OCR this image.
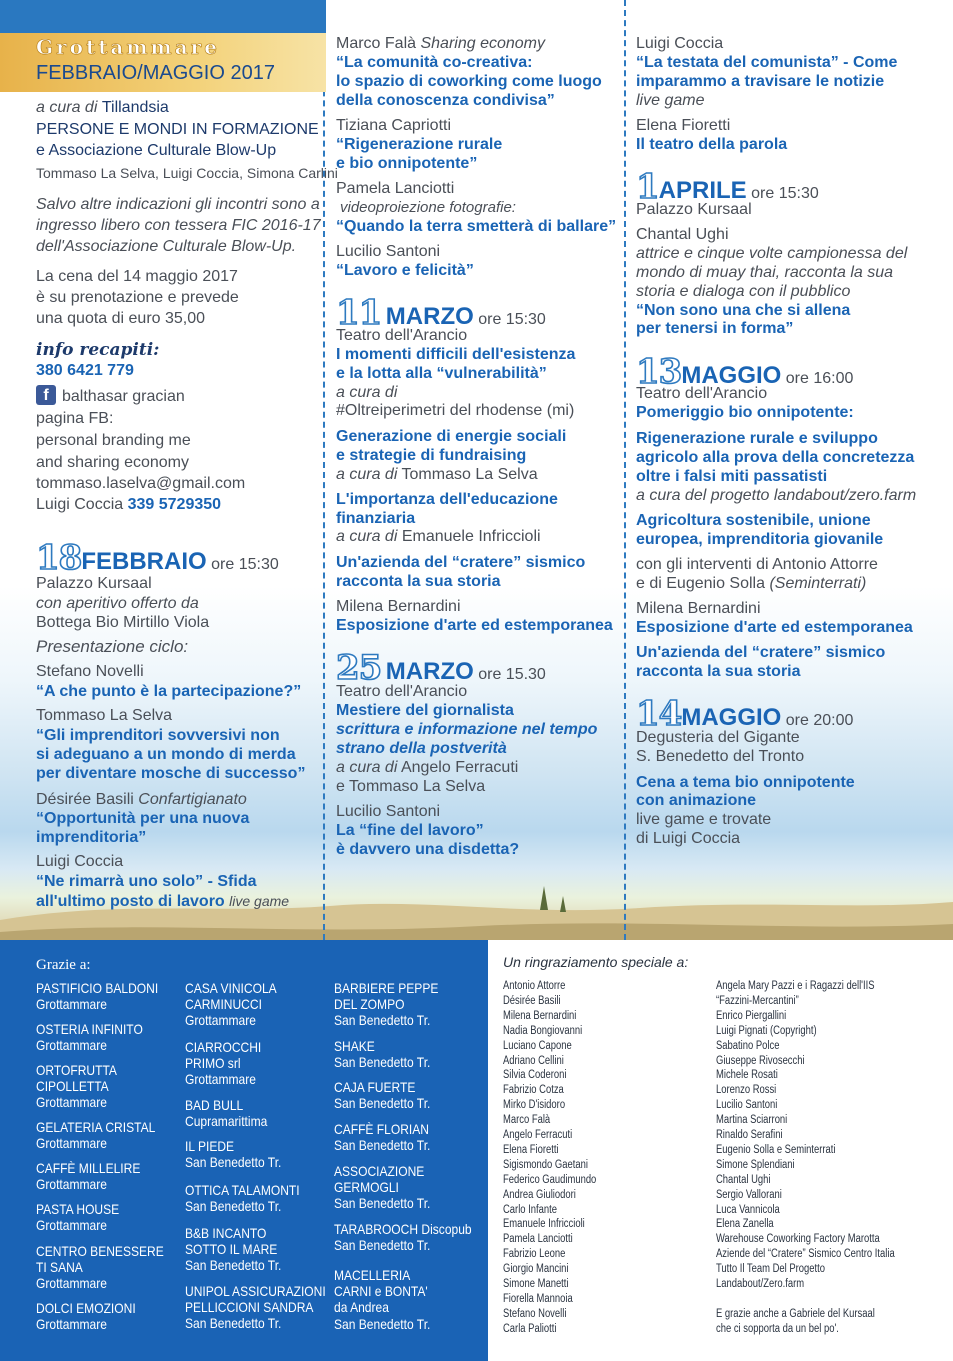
Grottammare
FEBBRAIO/MAGGIO 2017
a cura di Tillandsia
PERSONE E MONDI IN FORMAZIONE
e Associazione Culturale Blow-Up
Tommaso La Selva, Luigi Coccia, Simona Carlini
Salvo altre indicazioni gli incontri sono a
ingresso libero con tessera FIC 2016-17
dell'Associazione Culturale Blow-Up.
La cena del 14 maggio 2017
è su prenotazione e prevede
una quota di euro 35,00
info recapiti:
380 6421 779
f balthasar gracian
pagina FB:
personal branding me
and sharing economy
tommaso.laselva@gmail.com
Luigi Coccia 339 5729350
18FEBBRAIO ore 15:30
Palazzo Kursaal
con aperitivo offerto da
Bottega Bio Mirtillo Viola
Presentazione ciclo:
Stefano Novelli
“A che punto è la partecipazione?”
Tommaso La Selva
“Gli imprenditori sovversivi non
si adeguano a un mondo di merda
per diventare mosche di successo”
Désirée Basili Confartigianato
“Opportunità per una nuova
imprenditoria”
Luigi Coccia
“Ne rimarrà uno solo” - Sfida
all'ultimo posto di lavoro live game
Marco Falà Sharing economy
“La comunità co-creativa:
lo spazio di coworking come luogo
della conoscenza condivisa”
Tiziana Capriotti
“Rigenerazione rurale
e bio onnipotente”
Pamela Lanciotti
videoproiezione fotografie:
“Quando la terra smetterà di ballare”
Lucilio Santoni
“Lavoro e felicità”
11 MARZO ore 15:30
Teatro dell'Arancio
I momenti difficili dell'esistenza
e la lotta alla “vulnerabilità”
a cura di
#Oltreiperimetri del rhodense (mi)
Generazione di energie sociali
e strategie di fundraising
a cura di Tommaso La Selva
L'importanza dell'educazione
finanziaria
a cura di Emanuele Infriccioli
Un'azienda del “cratere” sismico
racconta la sua storia
Milena Bernardini
Esposizione d'arte ed estemporanea
25 MARZO ore 15.30
Teatro dell'Arancio
Mestiere del giornalista
scrittura e informazione nel tempo
strano della postverità
a cura di Angelo Ferracuti
e Tommaso La Selva
Lucilio Santoni
La “fine del lavoro”
è davvero una disdetta?
Luigi Coccia
“La testata del comunista” - Come
imparammo a travisare le notizie
live game
Elena Fioretti
Il teatro della parola
1APRILE ore 15:30
Palazzo Kursaal
Chantal Ughi
attrice e cinque volte campionessa del
mondo di muay thai, racconta la sua
storia e dialoga con il pubblico
“Non sono una che si allena
per tenersi in forma”
13MAGGIO ore 16:00
Teatro dell'Arancio
Pomeriggio bio onnipotente:
Rigenerazione rurale e sviluppo
agricolo alla prova della concretezza
oltre i falsi miti passatisti
a cura del progetto landabout/zero.farm
Agricoltura sostenibile, unione
europea, imprenditoria giovanile
con gli interventi di Antonio Attorre
e di Eugenio Solla (Seminterrati)
Milena Bernardini
Esposizione d'arte ed estemporanea
Un'azienda del “cratere” sismico
racconta la sua storia
14MAGGIO ore 20:00
Degusteria del Gigante
S. Benedetto del Tronto
Cena a tema bio onnipotente
con animazione
live game e trovate
di Luigi Coccia
Grazie a:	Un ringraziamento speciale a:
PASTIFICIO BALDONI
Grottammare
OSTERIA INFINITO
Grottammare
ORTOFRUTTA
CIPOLLETTA
Grottammare
GELATERIA CRISTAL
Grottammare
CAFFÈ MILLELIRE
Grottammare
PASTA HOUSE
Grottammare
CENTRO BENESSERE
TI SANA
Grottammare
DOLCI EMOZIONI
Grottammare
CASA VINICOLA
CARMINUCCI
Grottammare
CIARROCCHI
PRIMO srl
Grottammare
BAD BULL
Cupramarittima
IL PIEDE
San Benedetto Tr.
OTTICA TALAMONTI
San Benedetto Tr.
B&B INCANTO
SOTTO IL MARE
San Benedetto Tr.
UNIPOL ASSICURAZIONI
PELLICCIONI SANDRA
San Benedetto Tr.
BARBIERE PEPPE
DEL ZOMPO
San Benedetto Tr.
SHAKE
San Benedetto Tr.
CAJA FUERTE
San Benedetto Tr.
CAFFÈ FLORIAN
San Benedetto Tr.
ASSOCIAZIONE
GERMOGLI
San Benedetto Tr.
TARABROOCH Discopub
San Benedetto Tr.
MACELLERIA
CARNI e BONTA'
da Andrea
San Benedetto Tr.
Antonio Attorre
Désirée Basili
Milena Bernardini
Nadia Bongiovanni
Luciano Capone
Adriano Cellini
Silvia Coderoni
Fabrizio Cotza
Mirko D'isidoro
Marco Falà
Angelo Ferracuti
Elena Fioretti
Sigismondo Gaetani
Federico Gaudimundo
Andrea Giuliodori
Carlo Infante
Emanuele Infriccioli
Pamela Lanciotti
Fabrizio Leone
Giorgio Mancini
Simone Manetti
Fiorella Mannoia
Stefano Novelli
Carla Paliotti
Angela Mary Pazzi e i Ragazzi dell'IIS
“Fazzini-Mercantini”
Enrico Piergallini
Luigi Pignati (Copyright)
Sabatino Polce
Giuseppe Rivosecchi
Michele Rosati
Lorenzo Rossi
Lucilio Santoni
Martina Sciarroni
Rinaldo Serafini
Eugenio Solla e Seminterrati
Simone Splendiani
Chantal Ughi
Sergio Vallorani
Luca Vannicola
Elena Zanella
Warehouse Coworking Factory Marotta
Aziende del “Cratere” Sismico Centro Italia
Tutto Il Team Del Progetto
Landabout/Zero.farm
E grazie anche a Gabriele del Kursaal
che ci sopporta da un bel po'.
